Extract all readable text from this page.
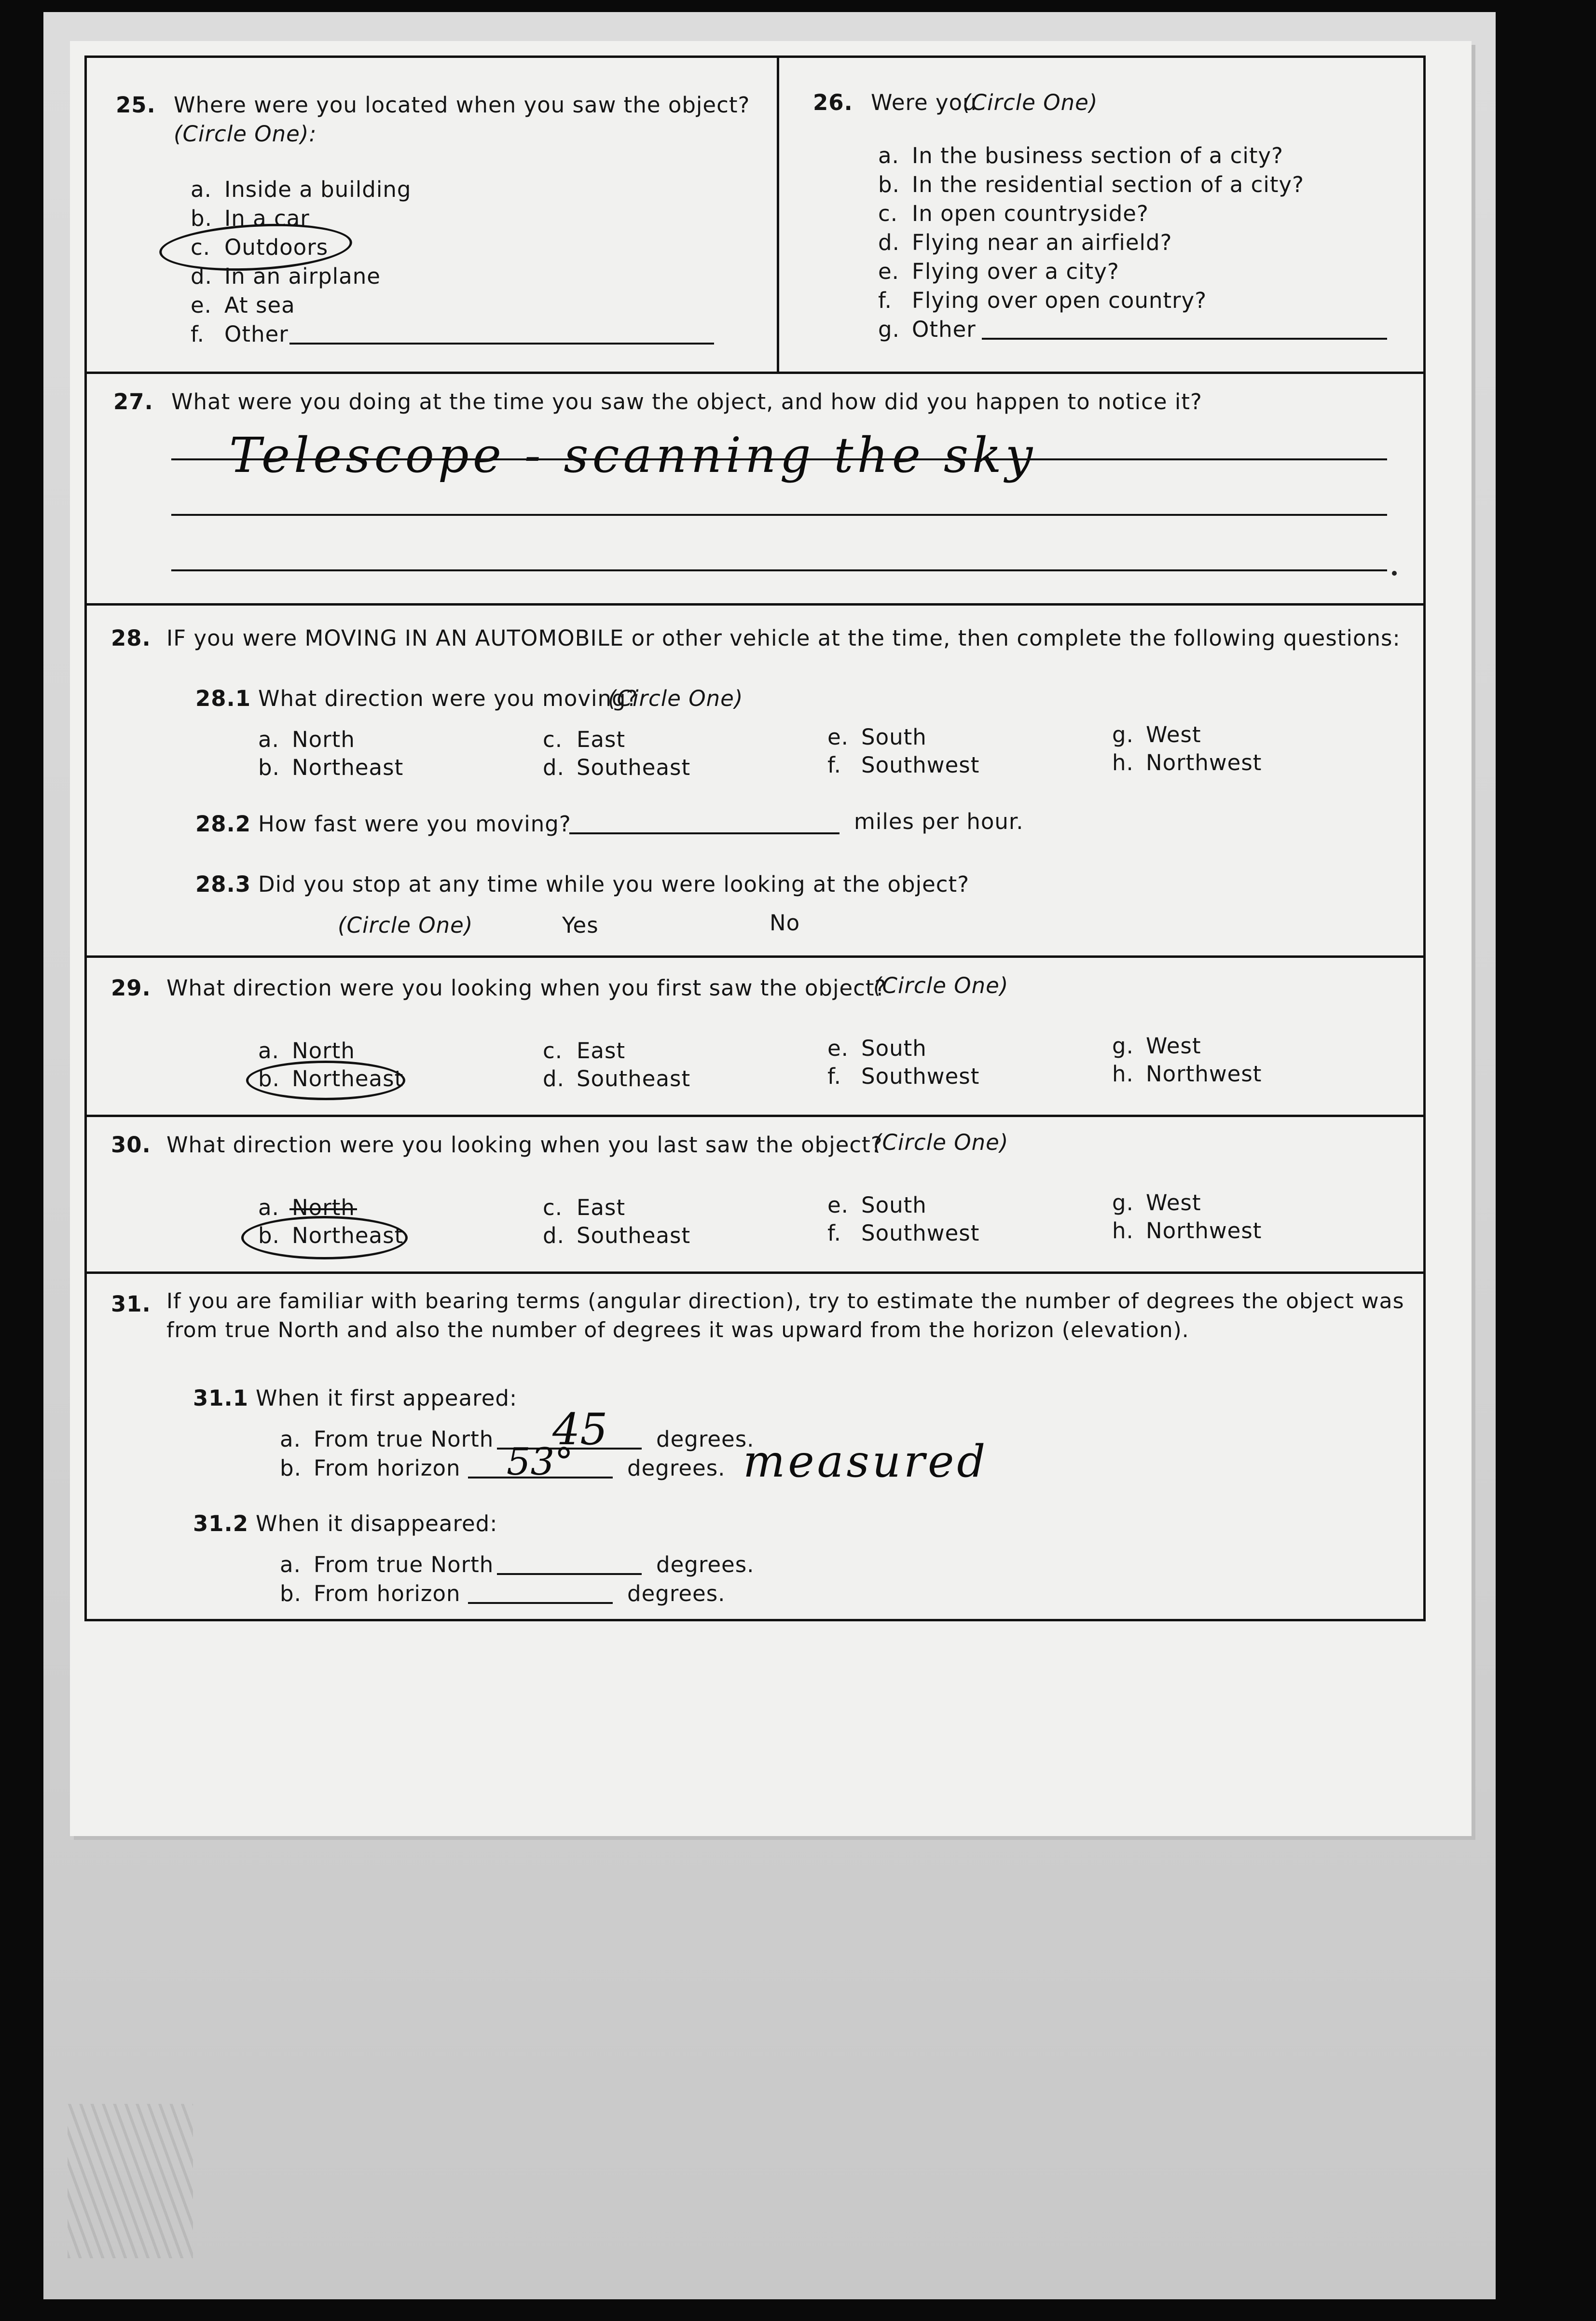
25. Where were you located when you saw the object?
(Circle One):
a. Inside a building
b. In a car
c. Outdoors
d. In an airplane
e. At sea
f. Other
26. Were you
(Circle One)
a. In the business section of a city?
b. In the residential section of a city?
c. In open countryside?
d. Flying near an airfield?
e. Flying over a city?
f. Flying over open country?
g. Other
27. What were you doing at the time you saw the object, and how did you happen to notice it?
Telescope - scanning the sky
28. IF you were MOVING IN AN AUTOMOBILE or other vehicle at the time, then complete the following questions:
28.1 What direction were you moving?
(Circle One)
a. North
b. Northeast
c. East
d. Southeast
e. South
f. Southwest
g. West
h. Northwest
28.2 How fast were you moving?	miles per hour.
28.3 Did you stop at any time while you were looking at the object?
(Circle One)	Yes	No
29. What direction were you looking when you first saw the object?
(Circle One)
a. North
b. Northeast
c. East
d. Southeast
e. South
f. Southwest
g. West
h. Northwest
30. What direction were you looking when you last saw the object?
(Circle One)
a. North
b. Northeast
c. East
d. Southeast
e. South
f. Southwest
g. West
h. Northwest
31. If you are familiar with bearing terms (angular direction), try to estimate the number of degrees the object was
from true North and also the number of degrees it was upward from the horizon (elevation).
31.1 When it first appeared:
a. From true North 45 degrees.
b. From horizon 53° degrees. measured
31.2 When it disappeared:
a. From true North	degrees.
b. From horizon	degrees.
